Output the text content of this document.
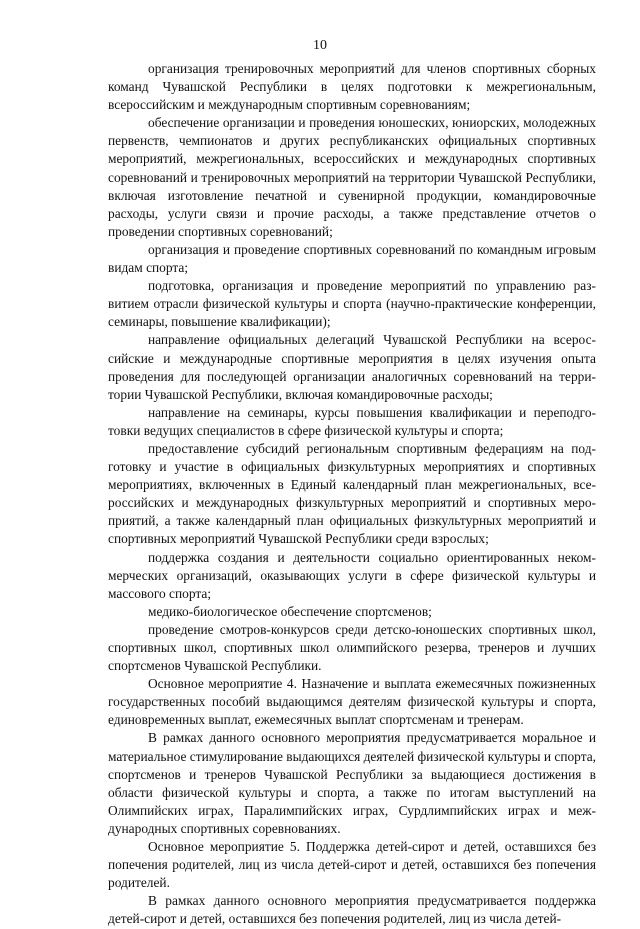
10

организация тренировочных мероприятий для членов спортивных сборных команд Чувашской Республики в целях подготовки к межрегиональным, всероссийским и международным спортивным соревнованиям;

обеспечение организации и проведения юношеских, юниорских, молодежных первенств, чемпионатов и других республиканских официальных спортивных мероприятий, межрегиональных, всероссийских и международных спортивных соревнований и тренировочных мероприятий на территории Чувашской Республики, включая изготовление печатной и сувенирной продукции, командировочные расходы, услуги связи и прочие расходы, а также представление отчетов о проведении спортивных соревнований;

организация и проведение спортивных соревнований по командным игровым видам спорта;

подготовка, организация и проведение мероприятий по управлению развитием отрасли физической культуры и спорта (научно-практические конференции, семинары, повышение квалификации);

направление официальных делегаций Чувашской Республики на всероссийские и международные спортивные мероприятия в целях изучения опыта проведения для последующей организации аналогичных соревнований на территории Чувашской Республики, включая командировочные расходы;

направление на семинары, курсы повышения квалификации и переподготовки ведущих специалистов в сфере физической культуры и спорта;

предоставление субсидий региональным спортивным федерациям на подготовку и участие в официальных физкультурных мероприятиях и спортивных мероприятиях, включенных в Единый календарный план межрегиональных, всероссийских и международных физкультурных мероприятий и спортивных мероприятий, а также календарный план официальных физкультурных мероприятий и спортивных мероприятий Чувашской Республики среди взрослых;

поддержка создания и деятельности социально ориентированных некоммерческих организаций, оказывающих услуги в сфере физической культуры и массового спорта;

медико-биологическое обеспечение спортсменов;

проведение смотров-конкурсов среди детско-юношеских спортивных школ, спортивных школ, спортивных школ олимпийского резерва, тренеров и лучших спортсменов Чувашской Республики.

Основное мероприятие 4. Назначение и выплата ежемесячных пожизненных государственных пособий выдающимся деятелям физической культуры и спорта, единовременных выплат, ежемесячных выплат спортсменам и тренерам.

В рамках данного основного мероприятия предусматривается моральное и материальное стимулирование выдающихся деятелей физической культуры и спорта, спортсменов и тренеров Чувашской Республики за выдающиеся достижения в области физической культуры и спорта, а также по итогам выступлений на Олимпийских играх, Паралимпийских играх, Сурдлимпийских играх и международных спортивных соревнованиях.

Основное мероприятие 5. Поддержка детей-сирот и детей, оставшихся без попечения родителей, лиц из числа детей-сирот и детей, оставшихся без попечения родителей.

В рамках данного основного мероприятия предусматривается поддержка детей-сирот и детей, оставшихся без попечения родителей, лиц из числа детей-
